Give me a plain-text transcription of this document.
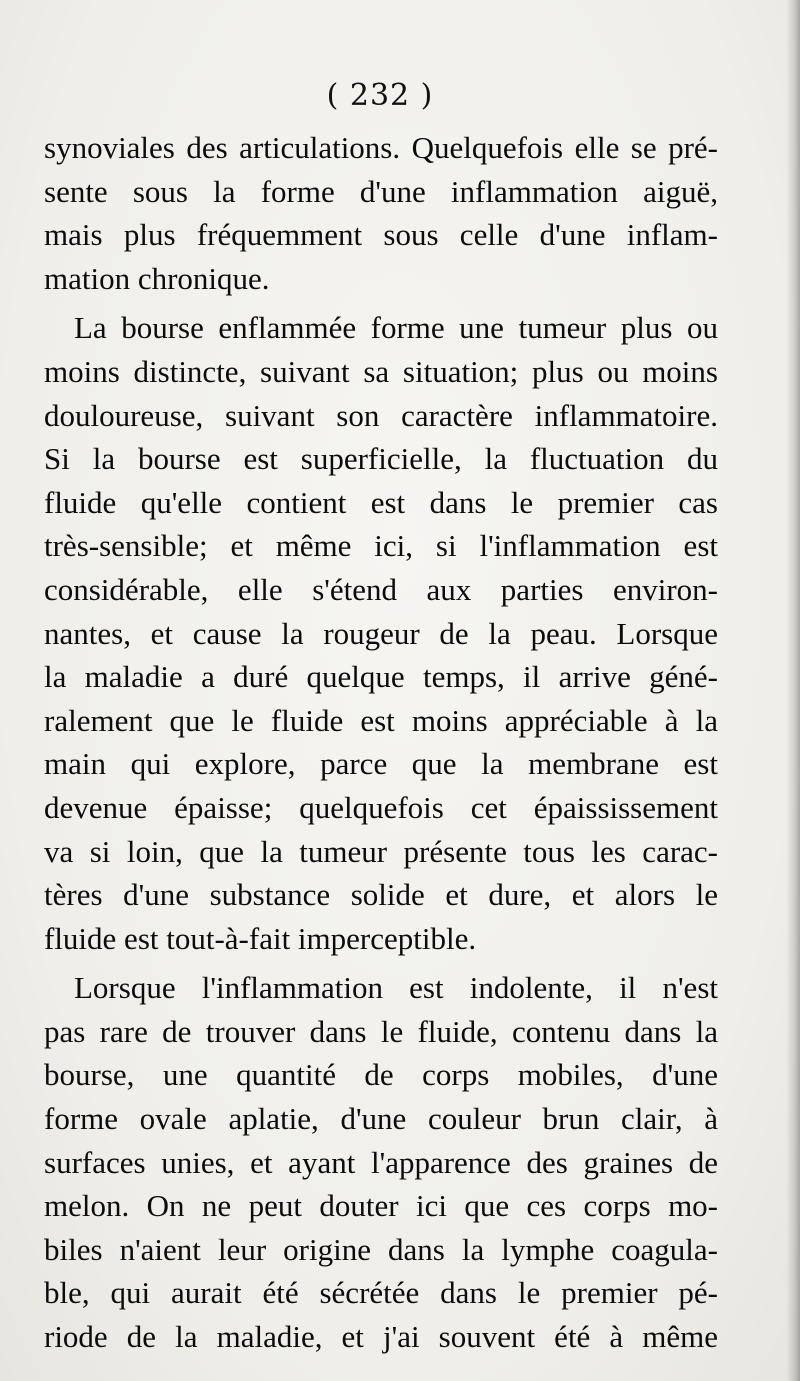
( 232 )
synoviales des articulations. Quelquefois elle se pré-
sente sous la forme d'une inflammation aiguë,
mais plus fréquemment sous celle d'une inflam-
mation chronique.
La bourse enflammée forme une tumeur plus ou
moins distincte, suivant sa situation; plus ou moins
douloureuse, suivant son caractère inflammatoire.
Si la bourse est superficielle, la fluctuation du
fluide qu'elle contient est dans le premier cas
très-sensible; et même ici, si l'inflammation est
considérable, elle s'étend aux parties environ-
nantes, et cause la rougeur de la peau. Lorsque
la maladie a duré quelque temps, il arrive géné-
ralement que le fluide est moins appréciable à la
main qui explore, parce que la membrane est
devenue épaisse; quelquefois cet épaississement
va si loin, que la tumeur présente tous les carac-
tères d'une substance solide et dure, et alors le
fluide est tout-à-fait imperceptible.
Lorsque l'inflammation est indolente, il n'est
pas rare de trouver dans le fluide, contenu dans la
bourse, une quantité de corps mobiles, d'une
forme ovale aplatie, d'une couleur brun clair, à
surfaces unies, et ayant l'apparence des graines de
melon. On ne peut douter ici que ces corps mo-
biles n'aient leur origine dans la lymphe coagula-
ble, qui aurait été sécrétée dans le premier pé-
riode de la maladie, et j'ai souvent été à même
